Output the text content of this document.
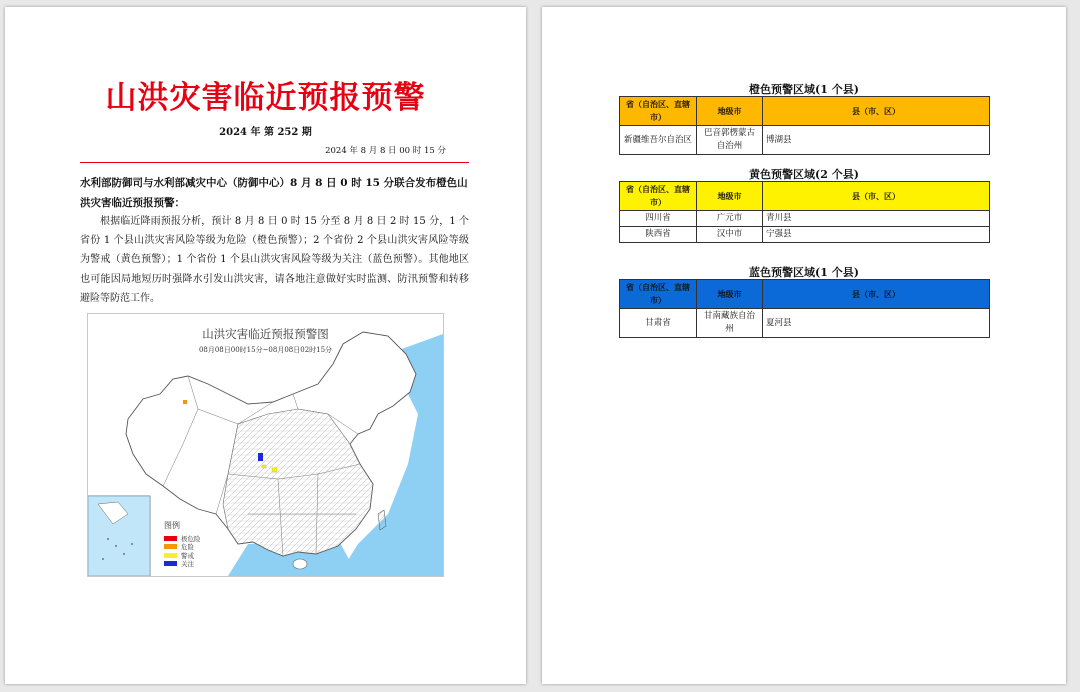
山洪灾害临近预报预警
2024 年 第 252 期
2024 年 8 月 8 日 00 时 15 分
水利部防御司与水利部减灾中心（防御中心）8 月 8 日 0 时 15 分联合发布橙色山洪灾害临近预报预警：
根据临近降雨预报分析，预计 8 月 8 日 0 时 15 分至 8 月 8 日 2 时 15 分，1 个省份 1 个县山洪灾害风险等级为危险（橙色预警）；2 个省份 2 个县山洪灾害风险等级为警戒（黄色预警）；1 个省份 1 个县山洪灾害风险等级为关注（蓝色预警）。其他地区也可能因局地短历时强降水引发山洪灾害，请各地注意做好实时监测、防汛预警和转移避险等防范工作。
山洪灾害临近预报预警图
08月08日00时15分~08月08日02时15分
图例
极危险
危险
警戒
关注
橙色预警区域(1 个县)
省（自治区、直辖市）	地级市	县（市、区）
新疆维吾尔自治区	巴音郭楞蒙古自治州	博湖县
黄色预警区域(2 个县)
省（自治区、直辖市）	地级市	县（市、区）
四川省	广元市	青川县
陕西省	汉中市	宁强县
蓝色预警区域(1 个县)
省（自治区、直辖市）	地级市	县（市、区）
甘肃省	甘南藏族自治州	夏河县
